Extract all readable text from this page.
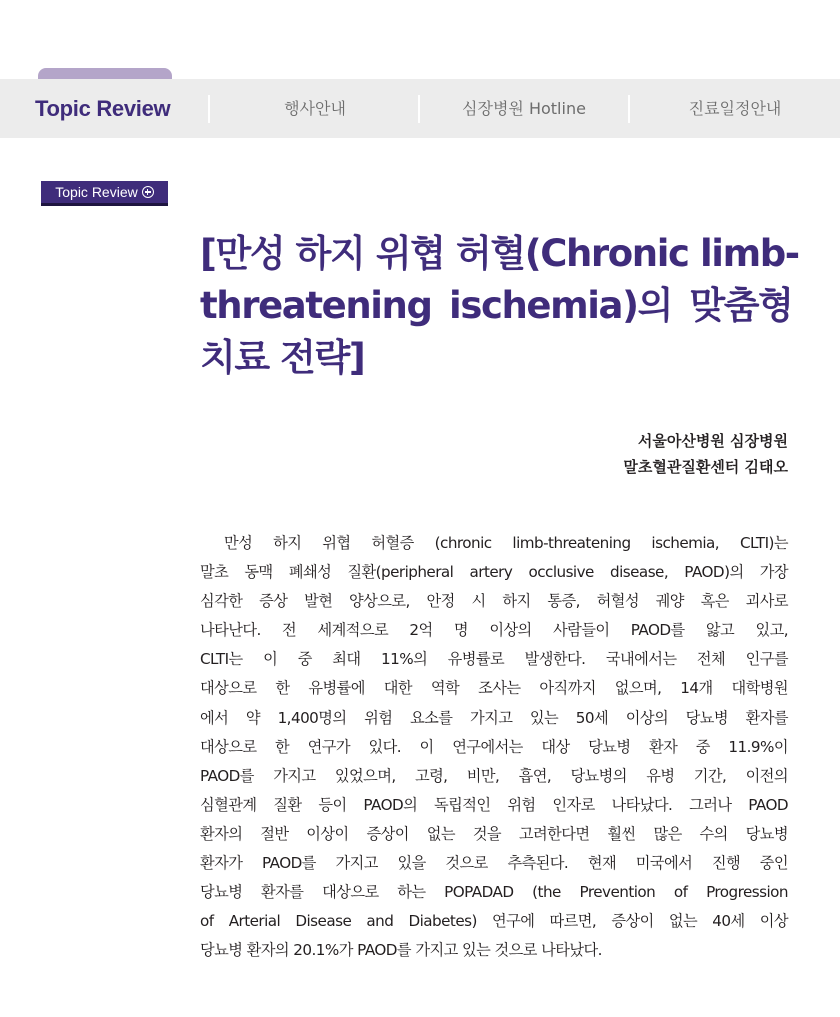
Topic Review	행사안내	심장병원 Hotline	진료일정안내
Topic Review
[만성 하지 위협 허혈(Chronic limb-
threatening ischemia)의 맞춤형
치료 전략]
서울아산병원 심장병원
말초혈관질환센터 김태오
만성 하지 위협 허혈증 (chronic limb-threatening ischemia, CLTI)는
말초 동맥 폐쇄성 질환(peripheral artery occlusive disease, PAOD)의 가장
심각한 증상 발현 양상으로, 안정 시 하지 통증, 허혈성 궤양 혹은 괴사로
나타난다. 전 세계적으로 2억 명 이상의 사람들이 PAOD를 앓고 있고,
CLTI는 이 중 최대 11%의 유병률로 발생한다. 국내에서는 전체 인구를
대상으로 한 유병률에 대한 역학 조사는 아직까지 없으며, 14개 대학병원
에서 약 1,400명의 위험 요소를 가지고 있는 50세 이상의 당뇨병 환자를
대상으로 한 연구가 있다. 이 연구에서는 대상 당뇨병 환자 중 11.9%이
PAOD를 가지고 있었으며, 고령, 비만, 흡연, 당뇨병의 유병 기간, 이전의
심혈관계 질환 등이 PAOD의 독립적인 위험 인자로 나타났다. 그러나 PAOD
환자의 절반 이상이 증상이 없는 것을 고려한다면 훨씬 많은 수의 당뇨병
환자가 PAOD를 가지고 있을 것으로 추측된다. 현재 미국에서 진행 중인
당뇨병 환자를 대상으로 하는 POPADAD (the Prevention of Progression
of Arterial Disease and Diabetes) 연구에 따르면, 증상이 없는 40세 이상
당뇨병 환자의 20.1%가 PAOD를 가지고 있는 것으로 나타났다.
